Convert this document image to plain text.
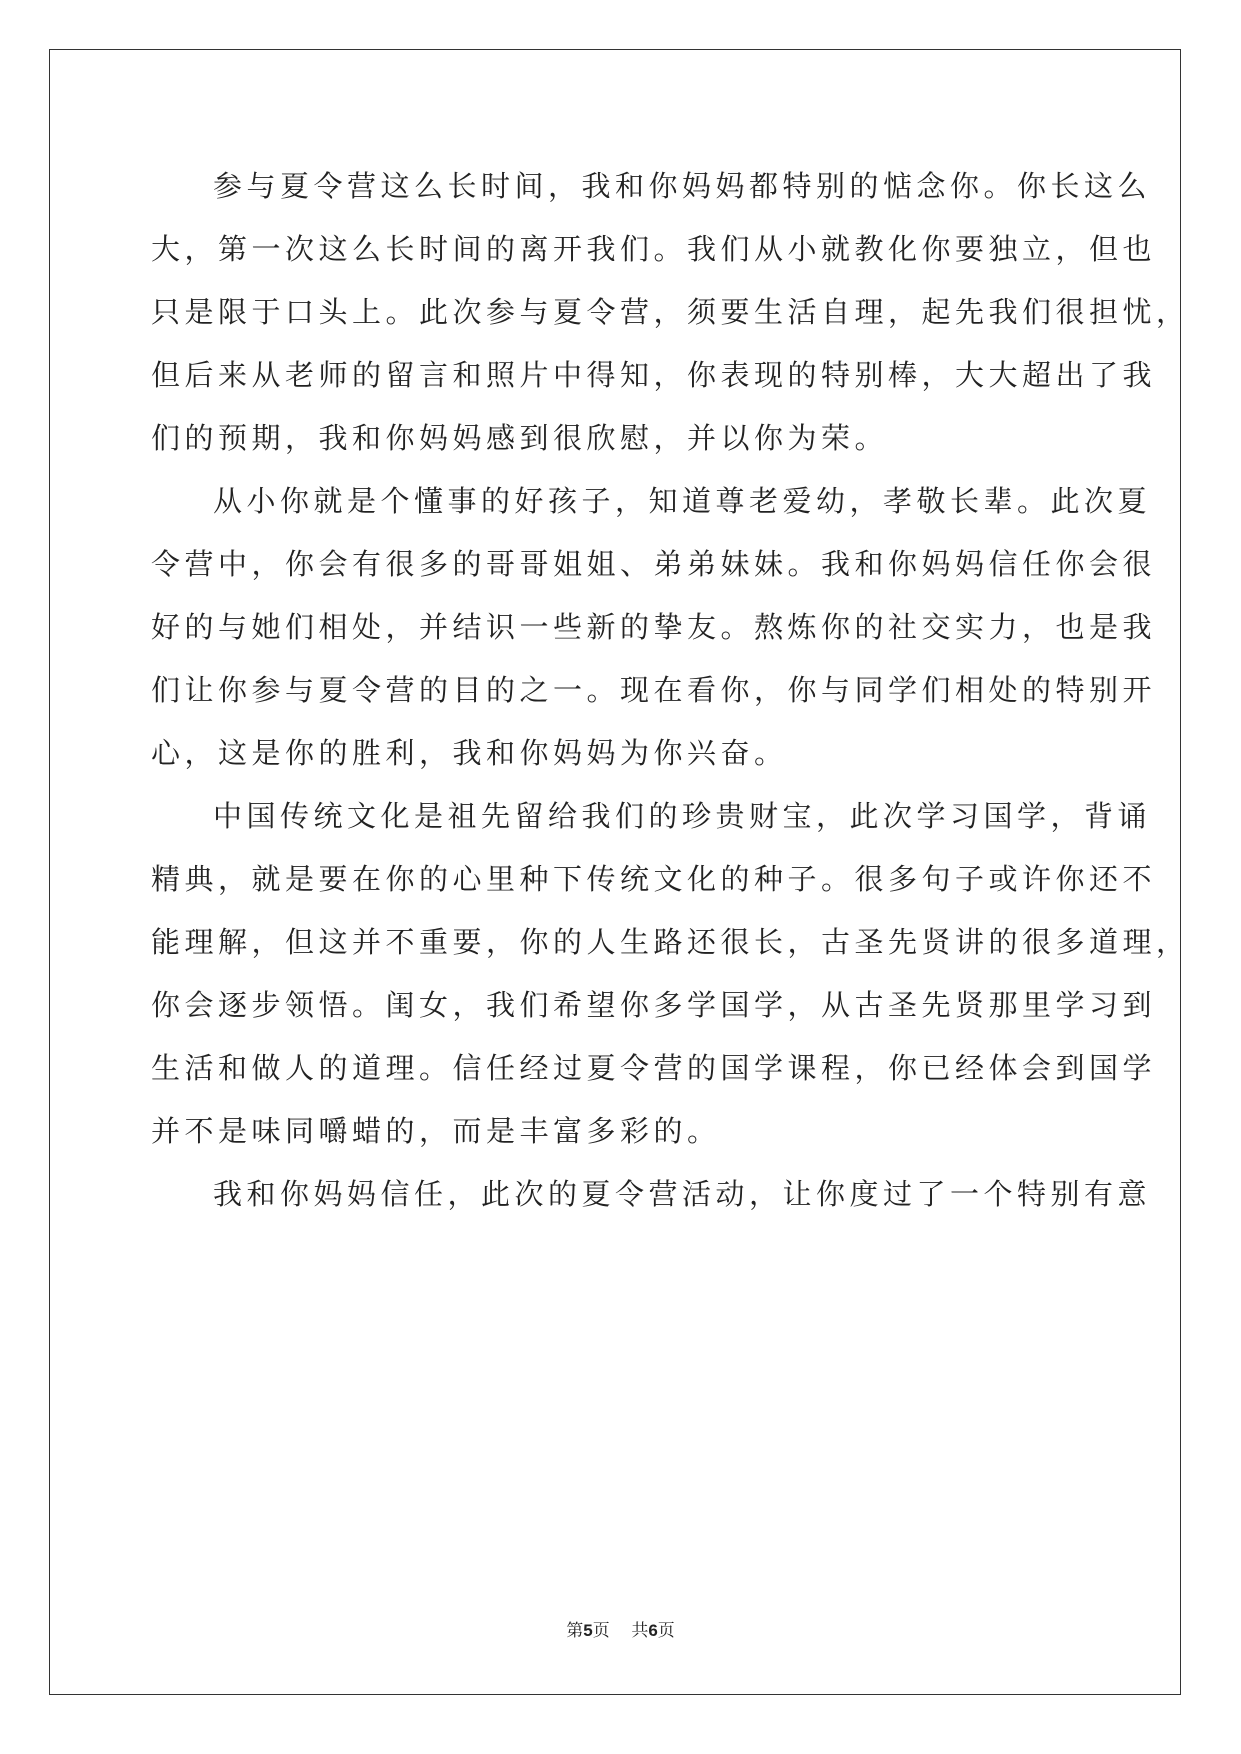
参与夏令营这么长时间，我和你妈妈都特别的惦念你。你长这么
大，第一次这么长时间的离开我们。我们从小就教化你要独立，但也
只是限于口头上。此次参与夏令营，须要生活自理，起先我们很担忧，
但后来从老师的留言和照片中得知，你表现的特别棒，大大超出了我
们的预期，我和你妈妈感到很欣慰，并以你为荣。
从小你就是个懂事的好孩子，知道尊老爱幼，孝敬长辈。此次夏
令营中，你会有很多的哥哥姐姐、弟弟妹妹。我和你妈妈信任你会很
好的与她们相处，并结识一些新的挚友。熬炼你的社交实力，也是我
们让你参与夏令营的目的之一。现在看你，你与同学们相处的特别开
心，这是你的胜利，我和你妈妈为你兴奋。
中国传统文化是祖先留给我们的珍贵财宝，此次学习国学，背诵
精典，就是要在你的心里种下传统文化的种子。很多句子或许你还不
能理解，但这并不重要，你的人生路还很长，古圣先贤讲的很多道理，
你会逐步领悟。闺女，我们希望你多学国学，从古圣先贤那里学习到
生活和做人的道理。信任经过夏令营的国学课程，你已经体会到国学
并不是味同嚼蜡的，而是丰富多彩的。
我和你妈妈信任，此次的夏令营活动，让你度过了一个特别有意
第5页 共6页
